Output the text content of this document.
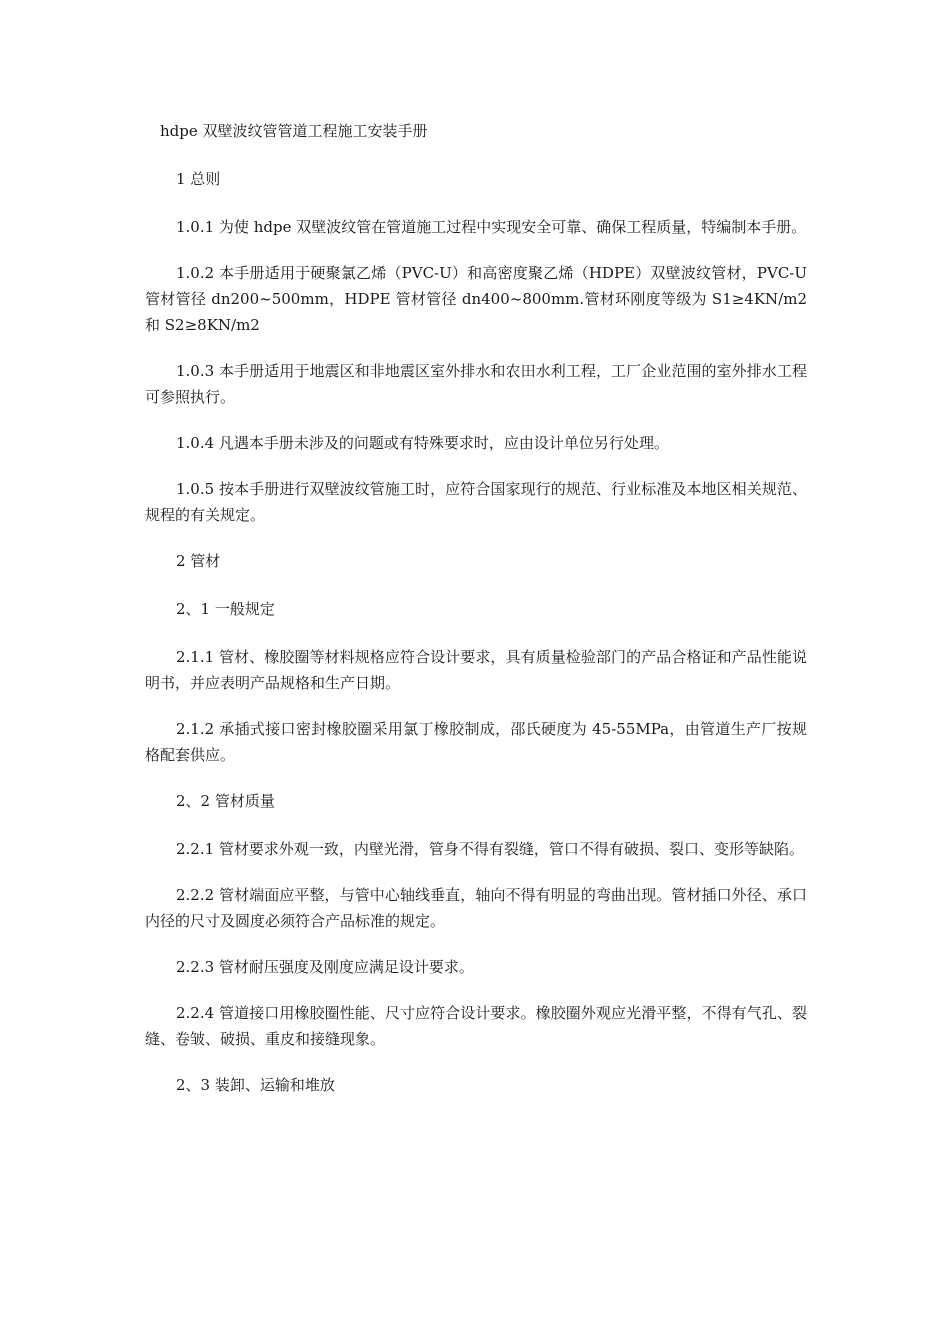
hdpe 双壁波纹管管道工程施工安装手册

1 总则

1.0.1 为使 hdpe 双壁波纹管在管道施工过程中实现安全可靠、确保工程质量，特编制本手册。

1.0.2 本手册适用于硬聚氯乙烯（PVC-U）和高密度聚乙烯（HDPE）双壁波纹管材，PVC-U 管材管径 dn200~500mm，HDPE 管材管径 dn400~800mm.管材环刚度等级为 S1≥4KN/m2 和 S2≥8KN/m2

1.0.3 本手册适用于地震区和非地震区室外排水和农田水利工程，工厂企业范围的室外排水工程可参照执行。

1.0.4 凡遇本手册未涉及的问题或有特殊要求时，应由设计单位另行处理。

1.0.5 按本手册进行双壁波纹管施工时，应符合国家现行的规范、行业标准及本地区相关规范、规程的有关规定。

2 管材

2、1 一般规定

2.1.1 管材、橡胶圈等材料规格应符合设计要求，具有质量检验部门的产品合格证和产品性能说明书，并应表明产品规格和生产日期。

2.1.2 承插式接口密封橡胶圈采用氯丁橡胶制成，邵氏硬度为 45-55MPa，由管道生产厂按规格配套供应。

2、2 管材质量

2.2.1 管材要求外观一致，内壁光滑，管身不得有裂缝，管口不得有破损、裂口、变形等缺陷。

2.2.2 管材端面应平整，与管中心轴线垂直，轴向不得有明显的弯曲出现。管材插口外径、承口内径的尺寸及圆度必须符合产品标准的规定。

2.2.3 管材耐压强度及刚度应满足设计要求。

2.2.4 管道接口用橡胶圈性能、尺寸应符合设计要求。橡胶圈外观应光滑平整，不得有气孔、裂缝、卷皱、破损、重皮和接缝现象。

2、3 装卸、运输和堆放
